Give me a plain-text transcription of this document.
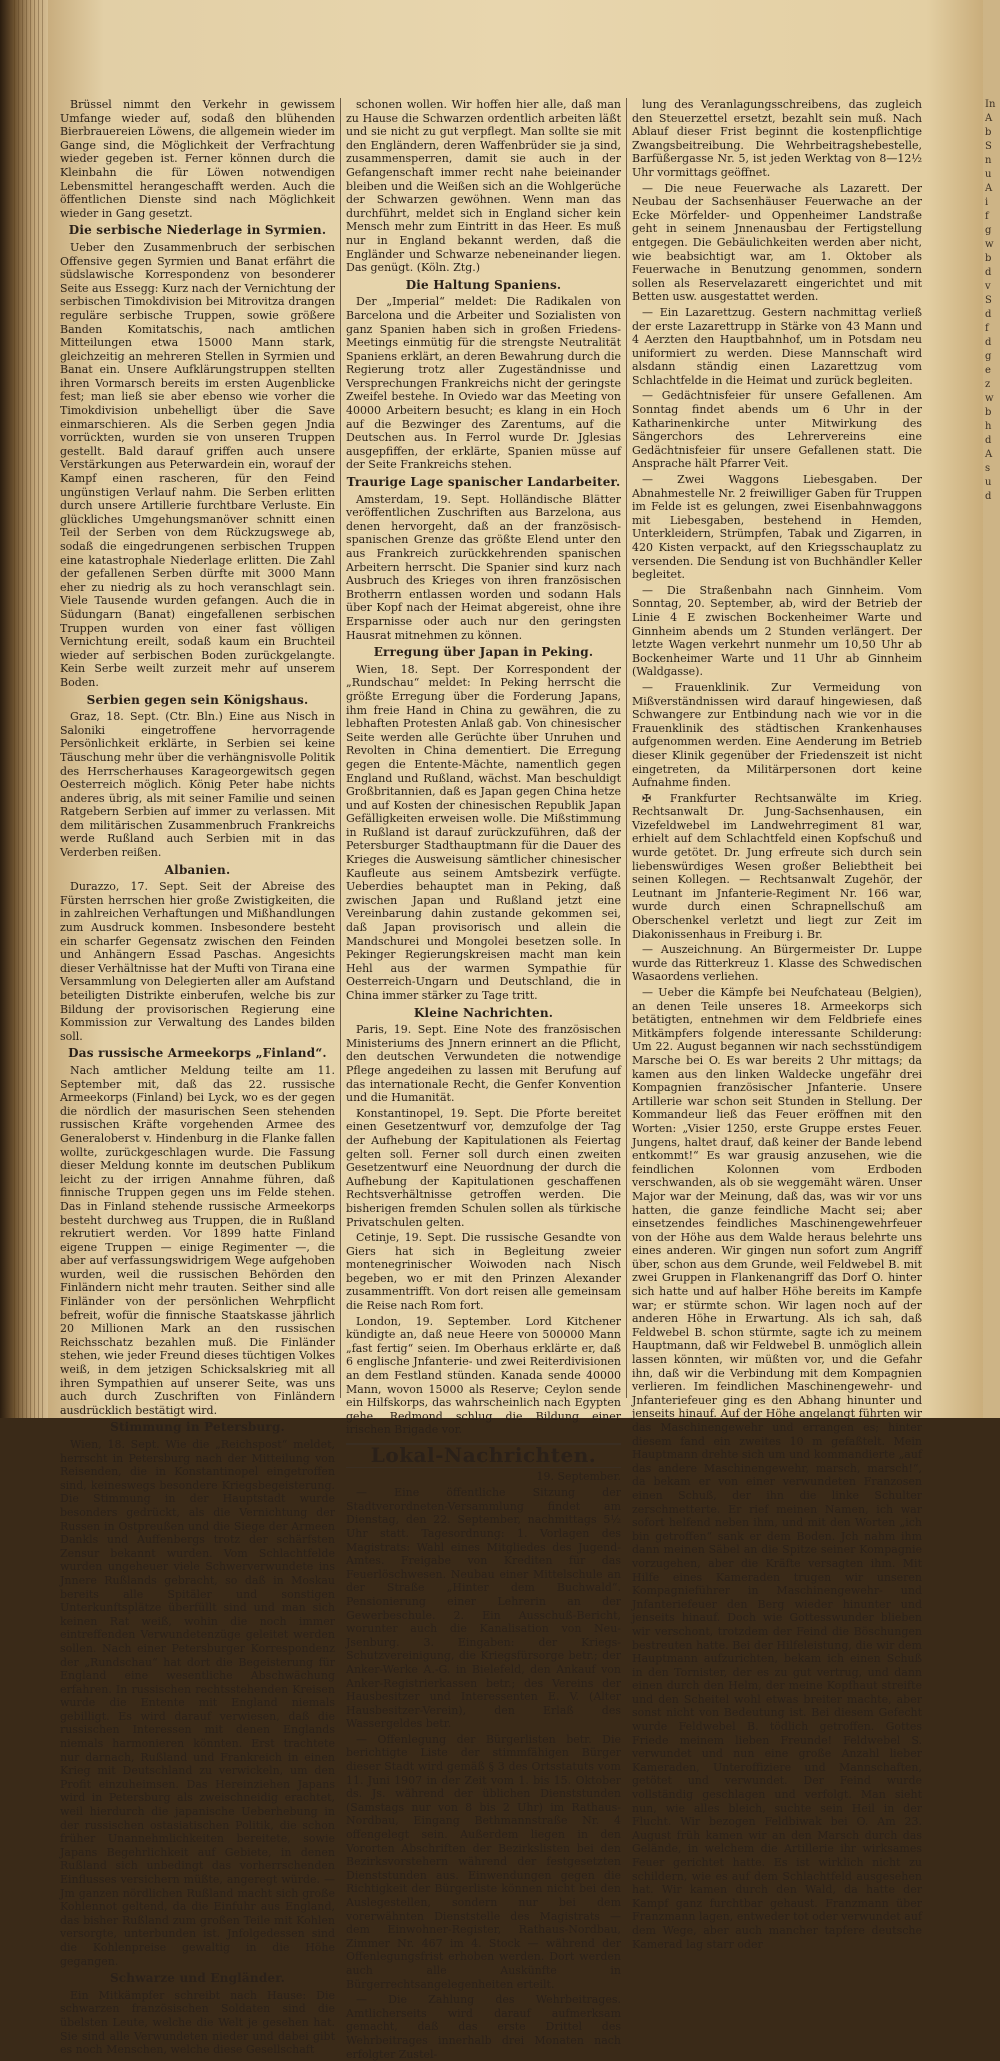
Brüssel nimmt den Verkehr in gewissem Umfange wieder auf, sodaß den blühenden Bierbrauereien Löwens, die allgemein wieder im Gange sind, die Möglichkeit der Verfrachtung wieder gegeben ist. Ferner können durch die Kleinbahn die für Löwen notwendigen Lebensmittel herangeschafft werden. Auch die öffentlichen Dienste sind nach Möglichkeit wieder in Gang gesetzt.

Die serbische Niederlage in Syrmien.

Ueber den Zusammenbruch der serbischen Offensive gegen Syrmien und Banat erfährt die südslawische Korrespondenz von besonderer Seite aus Essegg: Kurz nach der Vernichtung der serbischen Timokdivision bei Mitrovitza drangen reguläre serbische Truppen, sowie größere Banden Komitatschis, nach amtlichen Mitteilungen etwa 15000 Mann stark, gleichzeitig an mehreren Stellen in Syrmien und Banat ein. Unsere Aufklärungstruppen stellten ihren Vormarsch bereits im ersten Augenblicke fest; man ließ sie aber ebenso wie vorher die Timokdivision unbehelligt über die Save einmarschieren. Als die Serben gegen Jndia vorrückten, wurden sie von unseren Truppen gestellt. Bald darauf griffen auch unsere Verstärkungen aus Peterwardein ein, worauf der Kampf einen rascheren, für den Feind ungünstigen Verlauf nahm. Die Serben erlitten durch unsere Artillerie furchtbare Verluste. Ein glückliches Umgehungsmanöver schnitt einen Teil der Serben von dem Rückzugswege ab, sodaß die eingedrungenen serbischen Truppen eine katastrophale Niederlage erlitten. Die Zahl der gefallenen Serben dürfte mit 3000 Mann eher zu niedrig als zu hoch veranschlagt sein. Viele Tausende wurden gefangen. Auch die in Südungarn (Banat) eingefallenen serbischen Truppen wurden von einer fast völligen Vernichtung ereilt, sodaß kaum ein Bruchteil wieder auf serbischen Boden zurückgelangte. Kein Serbe weilt zurzeit mehr auf unserem Boden.

Serbien gegen sein Königshaus.

Graz, 18. Sept. (Ctr. Bln.) Eine aus Nisch in Saloniki eingetroffene hervorragende Persönlichkeit erklärte, in Serbien sei keine Täuschung mehr über die verhängnisvolle Politik des Herrscherhauses Karageorgewitsch gegen Oesterreich möglich. König Peter habe nichts anderes übrig, als mit seiner Familie und seinen Ratgebern Serbien auf immer zu verlassen. Mit dem militärischen Zusammenbruch Frankreichs werde Rußland auch Serbien mit in das Verderben reißen.

Albanien.

Durazzo, 17. Sept. Seit der Abreise des Fürsten herrschen hier große Zwistigkeiten, die in zahlreichen Verhaftungen und Mißhandlungen zum Ausdruck kommen. Insbesondere besteht ein scharfer Gegensatz zwischen den Feinden und Anhängern Essad Paschas. Angesichts dieser Verhältnisse hat der Mufti von Tirana eine Versammlung von Delegierten aller am Aufstand beteiligten Distrikte einberufen, welche bis zur Bildung der provisorischen Regierung eine Kommission zur Verwaltung des Landes bilden soll.

Das russische Armeekorps „Finland“.

Nach amtlicher Meldung teilte am 11. September mit, daß das 22. russische Armeekorps (Finland) bei Lyck, wo es der gegen die nördlich der masurischen Seen stehenden russischen Kräfte vorgehenden Armee des Generaloberst v. Hindenburg in die Flanke fallen wollte, zurückgeschlagen wurde. Die Fassung dieser Meldung konnte im deutschen Publikum leicht zu der irrigen Annahme führen, daß finnische Truppen gegen uns im Felde stehen. Das in Finland stehende russische Armeekorps besteht durchweg aus Truppen, die in Rußland rekrutiert werden. Vor 1899 hatte Finland eigene Truppen — einige Regimenter —, die aber auf verfassungswidrigem Wege aufgehoben wurden, weil die russischen Behörden den Finländern nicht mehr trauten. Seither sind alle Finländer von der persönlichen Wehrpflicht befreit, wofür die finnische Staatskasse jährlich 20 Millionen Mark an den russischen Reichsschatz bezahlen muß. Die Finländer stehen, wie jeder Freund dieses tüchtigen Volkes weiß, in dem jetzigen Schicksalskrieg mit all ihren Sympathien auf unserer Seite, was uns auch durch Zuschriften von Finländern ausdrücklich bestätigt wird.

Stimmung in Petersburg.

Wien, 18. Sept. Wie die „Reichspost“ meldet, herrscht in Petersburg nach der Mitteilung von Reisenden, die in Konstantinopel eingetroffen sind, keineswegs besondere Kriegsbegeisterung. Die Stimmung in der Hauptstadt wurde besonders gedrückt, als die Vernichtung der Russen in Ostpreußen und die Siege der Armeen Dankls und Auffenbergs trotz der schärfsten Zensur bekannt wurden. Vom Schlachtfelde wurden ungeheuer viele Schwerverwundete ins Jnnere Rußlands gebracht, so daß in Moskau bereits alle Spitäler und sonstigen Unterkunftsplätze überfüllt sind und man sich keinen Rat weiß, wohin die noch immer eintreffenden Verwundetenzüge geleitet werden sollen. Nach einer Petersburger Korrespondenz der „Rundschau“ hat dort die Begeisterung für England eine wesentliche Abschwächung erfahren. In russischen rechtsstehenden Kreisen wurde die Entente mit England niemals gebilligt. Es wird darauf verwiesen, daß die russischen Interessen mit denen Englands niemals harmonieren könnten. Erst trachtete nur darnach, Rußland und Frankreich in einen Krieg mit Deutschland zu verwickeln, um den Profit einzuheimsen. Das Hereinziehen Japans wird in Petersburg als zweischneidig erachtet, weil hierdurch die japanische Ueberhebung in der russischen ostasiatischen Politik, die schon früher Unannehmlichkeiten bereitete, sowie Japans Begehrlichkeit auf Gebiete, in denen Rußland sich unbedingt das vorherrschenden Einflusses versichern müßte, angeregt würde. — Jm ganzen nördlichen Rußland macht sich große Kohlennot geltend, da die Einfuhr aus England, das bisher Rußland zum großen Teile mit Kohlen versorgte, unterbunden ist. Jnfolgedessen sind die Kohlenpreise gewaltig in die Höhe gegangen.

Schwarze und Engländer.

Ein Mitkämpfer schreibt nach Hause: Die schwarzen französischen Soldaten sind die übelsten Leute, welche die Welt je gesehen hat. Sie sind alle Verwundeten nieder und dabei gibt es noch Menschen, welche diese Gesellschaft

schonen wollen. Wir hoffen hier alle, daß man zu Hause die Schwarzen ordentlich arbeiten läßt und sie nicht zu gut verpflegt. Man sollte sie mit den Engländern, deren Waffenbrüder sie ja sind, zusammensperren, damit sie auch in der Gefangenschaft immer recht nahe beieinander bleiben und die Weißen sich an die Wohlgerüche der Schwarzen gewöhnen. Wenn man das durchführt, meldet sich in England sicher kein Mensch mehr zum Eintritt in das Heer. Es muß nur in England bekannt werden, daß die Engländer und Schwarze nebeneinander liegen. Das genügt. (Köln. Ztg.)

Die Haltung Spaniens.

Der „Imperial“ meldet: Die Radikalen von Barcelona und die Arbeiter und Sozialisten von ganz Spanien haben sich in großen Friedens-Meetings einmütig für die strengste Neutralität Spaniens erklärt, an deren Bewahrung durch die Regierung trotz aller Zugeständnisse und Versprechungen Frankreichs nicht der geringste Zweifel bestehe. In Oviedo war das Meeting von 40000 Arbeitern besucht; es klang in ein Hoch auf die Bezwinger des Zarentums, auf die Deutschen aus. In Ferrol wurde Dr. Jglesias ausgepfiffen, der erklärte, Spanien müsse auf der Seite Frankreichs stehen.

Traurige Lage spanischer Landarbeiter.

Amsterdam, 19. Sept. Holländische Blätter veröffentlichen Zuschriften aus Barzelona, aus denen hervorgeht, daß an der französisch-spanischen Grenze das größte Elend unter den aus Frankreich zurückkehrenden spanischen Arbeitern herrscht. Die Spanier sind kurz nach Ausbruch des Krieges von ihren französischen Brotherrn entlassen worden und sodann Hals über Kopf nach der Heimat abgereist, ohne ihre Ersparnisse oder auch nur den geringsten Hausrat mitnehmen zu können.

Erregung über Japan in Peking.

Wien, 18. Sept. Der Korrespondent der „Rundschau“ meldet: In Peking herrscht die größte Erregung über die Forderung Japans, ihm freie Hand in China zu gewähren, die zu lebhaften Protesten Anlaß gab. Von chinesischer Seite werden alle Gerüchte über Unruhen und Revolten in China dementiert. Die Erregung gegen die Entente-Mächte, namentlich gegen England und Rußland, wächst. Man beschuldigt Großbritannien, daß es Japan gegen China hetze und auf Kosten der chinesischen Republik Japan Gefälligkeiten erweisen wolle. Die Mißstimmung in Rußland ist darauf zurückzuführen, daß der Petersburger Stadthauptmann für die Dauer des Krieges die Ausweisung sämtlicher chinesischer Kaufleute aus seinem Amtsbezirk verfügte. Ueberdies behauptet man in Peking, daß zwischen Japan und Rußland jetzt eine Vereinbarung dahin zustande gekommen sei, daß Japan provisorisch und allein die Mandschurei und Mongolei besetzen solle. In Pekinger Regierungskreisen macht man kein Hehl aus der warmen Sympathie für Oesterreich-Ungarn und Deutschland, die in China immer stärker zu Tage tritt.

Kleine Nachrichten.

Paris, 19. Sept. Eine Note des französischen Ministeriums des Jnnern erinnert an die Pflicht, den deutschen Verwundeten die notwendige Pflege angedeihen zu lassen mit Berufung auf das internationale Recht, die Genfer Konvention und die Humanität.

Konstantinopel, 19. Sept. Die Pforte bereitet einen Gesetzentwurf vor, demzufolge der Tag der Aufhebung der Kapitulationen als Feiertag gelten soll. Ferner soll durch einen zweiten Gesetzentwurf eine Neuordnung der durch die Aufhebung der Kapitulationen geschaffenen Rechtsverhältnisse getroffen werden. Die bisherigen fremden Schulen sollen als türkische Privatschulen gelten.

Cetinje, 19. Sept. Die russische Gesandte von Giers hat sich in Begleitung zweier montenegrinischer Woiwoden nach Nisch begeben, wo er mit den Prinzen Alexander zusammentrifft. Von dort reisen alle gemeinsam die Reise nach Rom fort.

London, 19. September. Lord Kitchener kündigte an, daß neue Heere von 500000 Mann „fast fertig“ seien. Im Oberhaus erklärte er, daß 6 englische Jnfanterie- und zwei Reiterdivisionen an dem Festland stünden. Kanada sende 40000 Mann, wovon 15000 als Reserve; Ceylon sende ein Hilfskorps, das wahrscheinlich nach Egypten gehe. Redmond schlug die Bildung einer irischen Brigade vor.

Lokal-Nachrichten.
19. September.

— Eine öffentliche Sitzung der Stadtverordneten-Versammlung findet am Dienstag, den 22. September, nachmittags 5½ Uhr statt. Tagesordnung: 1. Vorlagen des Magistrats: Wahl eines Mitgliedes des Jugend-Amtes. Freigabe von Krediten für das Feuerlöschwesen. Neubau einer Mittelschule an der Straße „Hinter dem Buchwald“. Pensionierung einer Lehrerin an der Gewerbeschule. 2. Ein Ausschuß-Bericht, worunter auch die Kanalisation von Neu-Jsenburg. 3. Eingaben: der Kriegs-Schutzvereinigung, die Kriegsfürsorge betr.; der Anker-Werke A.-G. in Bielefeld, den Ankauf von Anker-Registrierkassen betr.; des Vereins der Hausbesitzer und Interessenten E. V. (Alter Hausbesitzer-Verein), den Erlaß des Wassergeldes betr.

— Offenlegung der Bürgerlisten betr. Die berichtigte Liste der stimmfähigen Bürger dieser Stadt wird gemäß § 3 des Ortsstatuts vom 11. Juni 1907 in der Zeit vom 1. bis 15. Oktober ds. Js. während der üblichen Dienststunden (Samstags nur von 8 bis 2 Uhr) im Rathaus-Nordbau, Eingang Bethmannstraße Nr. 4 offengelegt sein. Außerdem liegen in den Vororten Abschriften der Bezirkslisten bei den Bezirksvorstehern während der festgesetzten Dienststunden aus. Einwendungen gegen die Richtigkeit der Bürgerliste können nicht bei den Auslegestellen, sondern nur bei dem vorerwähnten Dienststelle des Magistrats — dem Einwohner-Register, Rathaus-Nordbau, Zimmer Nr. 467 im 4. Stock — während der Offenlegungsfrist erhoben werden. Dort werden auch alle Auskünfte in Bürgerrechtsangelegenheiten erteilt.

— Die Zahlung des Wehrbeitrages. Amtlicherseits wird darauf aufmerksam gemacht, daß das erste Drittel des Wehrbeitrages innerhalb drei Monaten nach erfolgter Zustel-

lung des Veranlagungsschreibens, das zugleich den Steuerzettel ersetzt, bezahlt sein muß. Nach Ablauf dieser Frist beginnt die kostenpflichtige Zwangsbeitreibung. Die Wehrbeitragshebestelle, Barfüßergasse Nr. 5, ist jeden Werktag von 8—12½ Uhr vormittags geöffnet.

— Die neue Feuerwache als Lazarett. Der Neubau der Sachsenhäuser Feuerwache an der Ecke Mörfelder- und Oppenheimer Landstraße geht in seinem Jnnenausbau der Fertigstellung entgegen. Die Gebäulichkeiten werden aber nicht, wie beabsichtigt war, am 1. Oktober als Feuerwache in Benutzung genommen, sondern sollen als Reservelazarett eingerichtet und mit Betten usw. ausgestattet werden.

— Ein Lazarettzug. Gestern nachmittag verließ der erste Lazarettrupp in Stärke von 43 Mann und 4 Aerzten den Hauptbahnhof, um in Potsdam neu uniformiert zu werden. Diese Mannschaft wird alsdann ständig einen Lazarettzug vom Schlachtfelde in die Heimat und zurück begleiten.

— Gedächtnisfeier für unsere Gefallenen. Am Sonntag findet abends um 6 Uhr in der Katharinenkirche unter Mitwirkung des Sängerchors des Lehrervereins eine Gedächtnisfeier für unsere Gefallenen statt. Die Ansprache hält Pfarrer Veit.

— Zwei Waggons Liebesgaben. Der Abnahmestelle Nr. 2 freiwilliger Gaben für Truppen im Felde ist es gelungen, zwei Eisenbahnwaggons mit Liebesgaben, bestehend in Hemden, Unterkleidern, Strümpfen, Tabak und Zigarren, in 420 Kisten verpackt, auf den Kriegsschauplatz zu versenden. Die Sendung ist von Buchhändler Keller begleitet.

— Die Straßenbahn nach Ginnheim. Vom Sonntag, 20. September, ab, wird der Betrieb der Linie 4 E zwischen Bockenheimer Warte und Ginnheim abends um 2 Stunden verlängert. Der letzte Wagen verkehrt nunmehr um 10,50 Uhr ab Bockenheimer Warte und 11 Uhr ab Ginnheim (Waldgasse).

— Frauenklinik. Zur Vermeidung von Mißverständnissen wird darauf hingewiesen, daß Schwangere zur Entbindung nach wie vor in die Frauenklinik des städtischen Krankenhauses aufgenommen werden. Eine Aenderung im Betrieb dieser Klinik gegenüber der Friedenszeit ist nicht eingetreten, da Militärpersonen dort keine Aufnahme finden.

✠ Frankfurter Rechtsanwälte im Krieg. Rechtsanwalt Dr. Jung-Sachsenhausen, ein Vizefeldwebel im Landwehrregiment 81 war, erhielt auf dem Schlachtfeld einen Kopfschuß und wurde getötet. Dr. Jung erfreute sich durch sein liebenswürdiges Wesen großer Beliebtheit bei seinen Kollegen. — Rechtsanwalt Zugehör, der Leutnant im Jnfanterie-Regiment Nr. 166 war, wurde durch einen Schrapnellschuß am Oberschenkel verletzt und liegt zur Zeit im Diakonissenhaus in Freiburg i. Br.

— Auszeichnung. An Bürgermeister Dr. Luppe wurde das Ritterkreuz 1. Klasse des Schwedischen Wasaordens verliehen.

— Ueber die Kämpfe bei Neufchateau (Belgien), an denen Teile unseres 18. Armeekorps sich betätigten, entnehmen wir dem Feldbriefe eines Mitkämpfers folgende interessante Schilderung: Um 22. August begannen wir nach sechsstündigem Marsche bei O. Es war bereits 2 Uhr mittags; da kamen aus den linken Waldecke ungefähr drei Kompagnien französischer Jnfanterie. Unsere Artillerie war schon seit Stunden in Stellung. Der Kommandeur ließ das Feuer eröffnen mit den Worten: „Visier 1250, erste Gruppe erstes Feuer. Jungens, haltet drauf, daß keiner der Bande lebend entkommt!“ Es war grausig anzusehen, wie die feindlichen Kolonnen vom Erdboden verschwanden, als ob sie weggemäht wären. Unser Major war der Meinung, daß das, was wir vor uns hatten, die ganze feindliche Macht sei; aber einsetzendes feindliches Maschinengewehrfeuer von der Höhe aus dem Walde heraus belehrte uns eines anderen. Wir gingen nun sofort zum Angriff über, schon aus dem Grunde, weil Feldwebel B. mit zwei Gruppen in Flankenangriff das Dorf O. hinter sich hatte und auf halber Höhe bereits im Kampfe war; er stürmte schon. Wir lagen noch auf der anderen Höhe in Erwartung. Als ich sah, daß Feldwebel B. schon stürmte, sagte ich zu meinem Hauptmann, daß wir Feldwebel B. unmöglich allein lassen könnten, wir müßten vor, und die Gefahr ihn, daß wir die Verbindung mit dem Kompagnien verlieren. Im feindlichen Maschinengewehr- und Jnfanteriefeuer ging es den Abhang hinunter und jenseits hinauf. Auf der Höhe angelangt führten wir das Maschinengewehr und errangen es; hinter diesem fand ein zweites 10 m gefaßtelt. Mein Hauptmann drehte sich um und kommandierte „auf das andere Maschinengewehr, marsch, marsch!“, da bekam er von einer verwundeten Franzosen einen Schuß, der ihn die linke Schulter zerschmetterte. Er rief meinen Namen, ich war sofort helfend neben ihm, und mit den Worten „ich bin getroffen“ sank er dem Boden. Jch nahm ihm dann meinen Säbel an die Spitze seiner Kompagnie vorzugehen, aber die Kräfte versagten ihm. Mit Hilfe eines Kameraden trugen wir unseren Kompagnieführer in Maschinengewehr- und Jnfanteriefeuer den Berg wieder hinunter und jenseits hinauf. Doch wie Gottesswunder blieben wir verschont, trotzdem der Feind die Böschungen bestreuten hatte. Bei der Hilfeleistung, die wir dem Hauptmann aufzurichten, bekam ich einen Schuß in den Tornister, der es zu gut vertrug, und dann einen durch den Helm, der meine Kopfhaut streifte und den Scheitel wohl etwas breiter machte, aber sonst nicht von Bedeutung ist. Bei diesem Gefecht wurde Feldwebel B. tödlich getroffen. Gottes Friede meinem lieben Freunde! Feldwebel S. verwundet und nun eine große Anzahl lieber Kameraden, Unteroffiziere und Mannschaften, getötet und verwundet. Der Feind wurde vollständig geschlagen und verfolgt. Man sieht nun, wie alles bleich, suchte sein Heil in der Flucht. Wir bezogen Feldbiwak bei O. Am 23. August früh kamen wir an den Marsch durch das Gelände, in welchem die Artillerie ihr wirksames Feuer gerichtet hatte. Es ist wirklich nicht zu schildern, wie es auf dem Schlachtfeld ausgesehen hat. Wir kamen durch den Wald, da hatte der Kampf ganz furchtbar gehaust. Franzmann über Franzmann lagen, entweder tot oder verwundet auf dem Wege, aber auch mancher tapfere deutsche Kamerad lag starr oder

In
A
b
S
n
u
A
i
f
g
w
b
d
v
S
d
f
d
g
e
z
w
b
h
d
A
s
u
d
